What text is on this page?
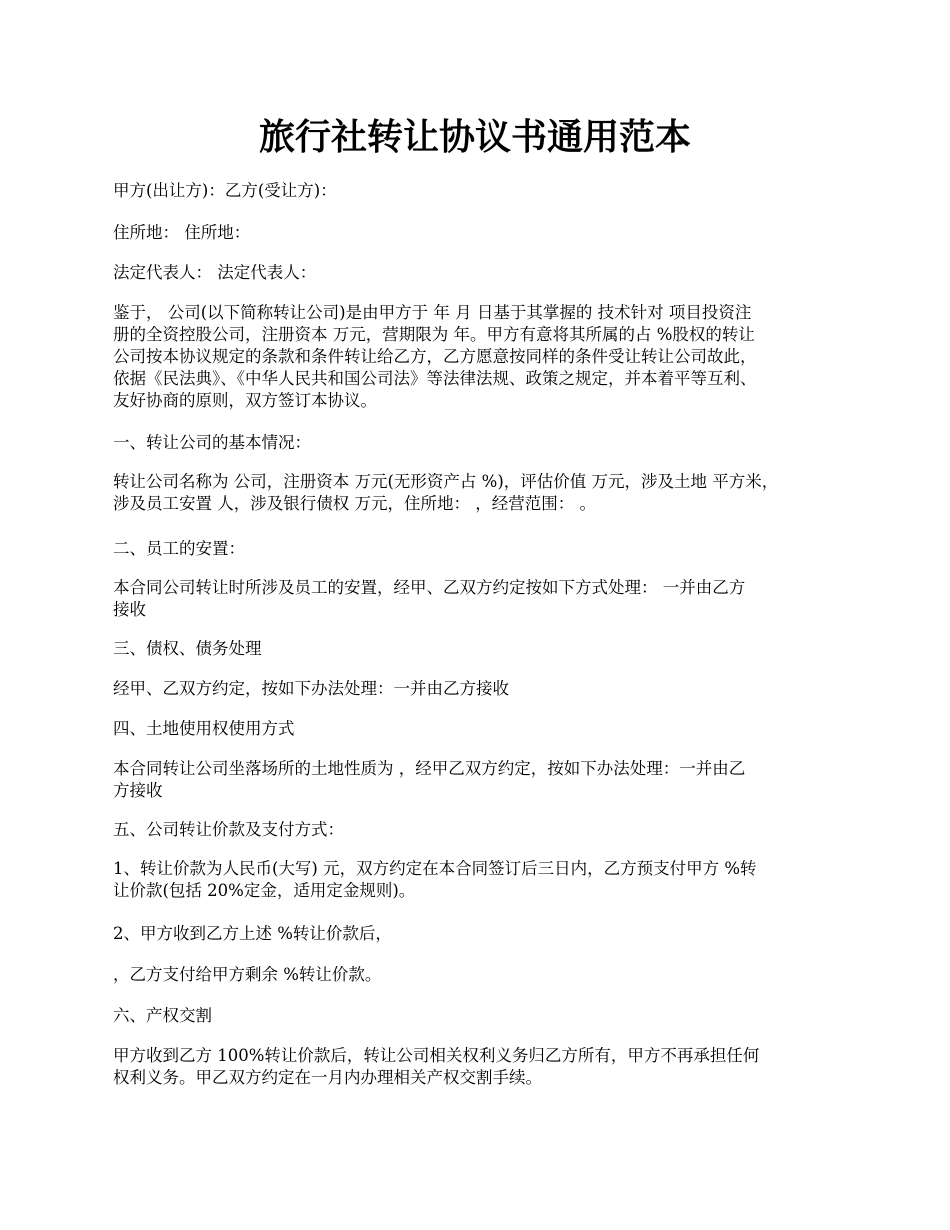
旅行社转让协议书通用范本

甲方(出让方)：乙方(受让方)：

住所地： 住所地：

法定代表人： 法定代表人：

鉴于， 公司(以下简称转让公司)是由甲方于 年 月 日基于其掌握的 技术针对 项目投资注
册的全资控股公司，注册资本 万元，营期限为 年。甲方有意将其所属的占 %股权的转让
公司按本协议规定的条款和条件转让给乙方，乙方愿意按同样的条件受让转让公司故此，
依据《民法典》、《中华人民共和国公司法》等法律法规、政策之规定，并本着平等互利、
友好协商的原则，双方签订本协议。

一、转让公司的基本情况：

转让公司名称为 公司，注册资本 万元(无形资产占 %)，评估价值 万元，涉及土地 平方米，
涉及员工安置 人，涉及银行债权 万元，住所地： ，经营范围： 。

二、员工的安置：

本合同公司转让时所涉及员工的安置，经甲、乙双方约定按如下方式处理： 一并由乙方
接收

三、债权、债务处理

经甲、乙双方约定，按如下办法处理：一并由乙方接收

四、土地使用权使用方式

本合同转让公司坐落场所的土地性质为 ，经甲乙双方约定，按如下办法处理：一并由乙
方接收

五、公司转让价款及支付方式：

1、转让价款为人民币(大写) 元，双方约定在本合同签订后三日内，乙方预支付甲方 %转
让价款(包括 20%定金，适用定金规则)。

2、甲方收到乙方上述 %转让价款后，

，乙方支付给甲方剩余 %转让价款。

六、产权交割

甲方收到乙方 100%转让价款后，转让公司相关权利义务归乙方所有，甲方不再承担任何
权利义务。甲乙双方约定在一月内办理相关产权交割手续。
